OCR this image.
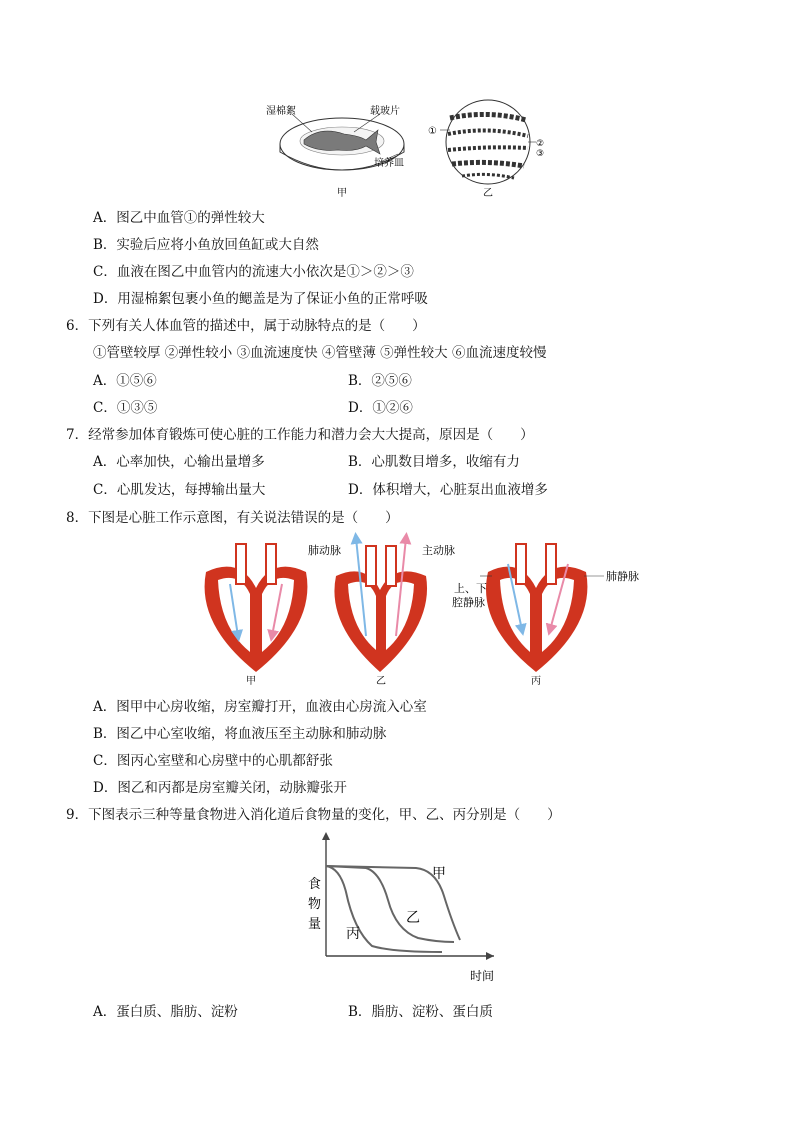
湿棉絮	载玻片
培养皿
甲
①
②
③
乙
A．图乙中血管①的弹性较大
B．实验后应将小鱼放回鱼缸或大自然
C．血液在图乙中血管内的流速大小依次是①＞②＞③
D．用湿棉絮包裹小鱼的鳃盖是为了保证小鱼的正常呼吸
6．下列有关人体血管的描述中，属于动脉特点的是（　　）
①管壁较厚 ②弹性较小 ③血流速度快 ④管壁薄 ⑤弹性较大 ⑥血流速度较慢
A．①⑤⑥	B．②⑤⑥
C．①③⑤	D．①②⑥
7．经常参加体育锻炼可使心脏的工作能力和潜力会大大提高，原因是（　　）
A．心率加快，心输出量增多	B．心肌数目增多，收缩有力
C．心肌发达，每搏输出量大	D．体积增大，心脏泵出血液增多
8．下图是心脏工作示意图，有关说法错误的是（　　）
甲	乙
肺动脉	主动脉
丙
上、下
腔静脉
肺静脉
A．图甲中心房收缩，房室瓣打开，血液由心房流入心室
B．图乙中心室收缩，将血液压至主动脉和肺动脉
C．图丙心室壁和心房壁中的心肌都舒张
D．图乙和丙都是房室瓣关闭，动脉瓣张开
9．下图表示三种等量食物进入消化道后食物量的变化，甲、乙、丙分别是（　　）
甲
乙
丙
食
物
量
时间
A．蛋白质、脂肪、淀粉	B．脂肪、淀粉、蛋白质
